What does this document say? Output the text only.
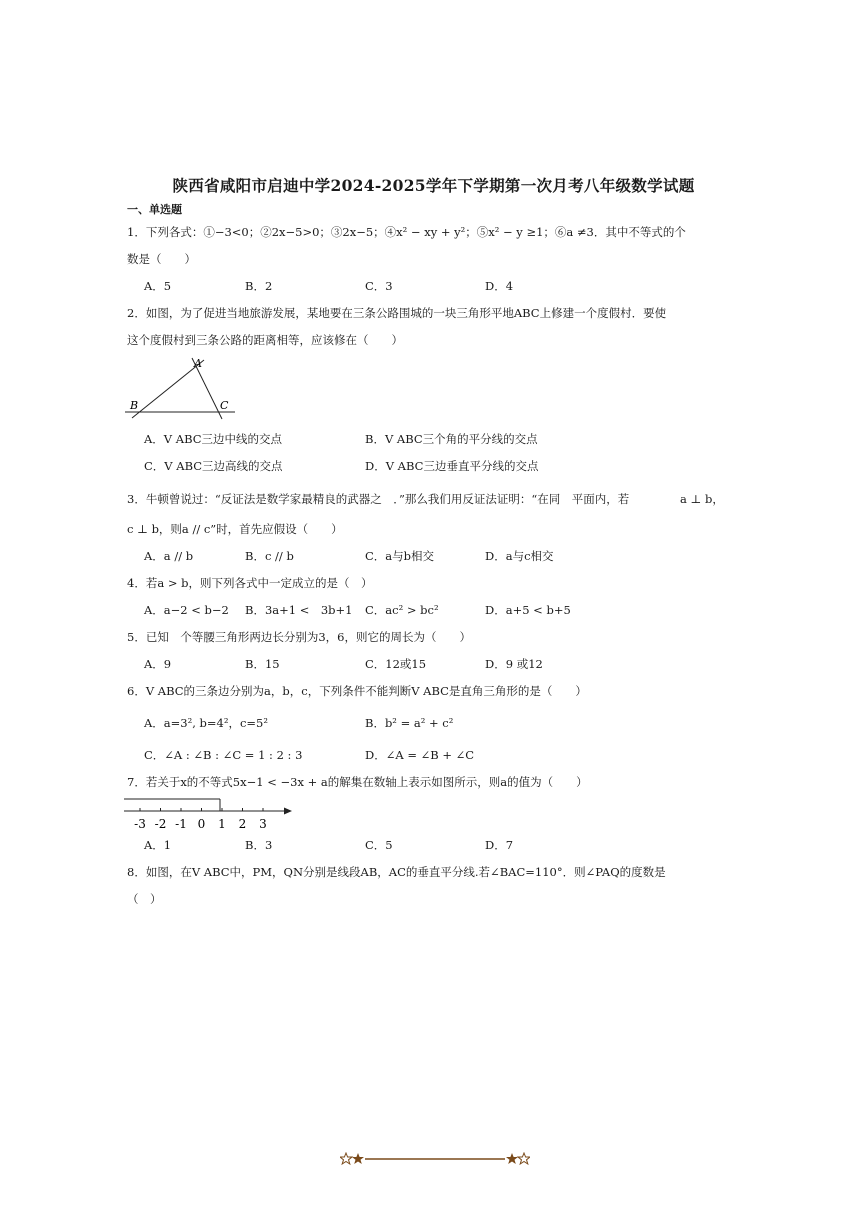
陕西省咸阳市启迪中学2024-2025学年下学期第一次月考八年级数学试题
一、单选题
1．下列各式：①−3<0；②2x−5>0；③2x−5；④x² − xy + y²；⑤x² − y ≥1；⑥a ≠3．其中不等式的个
数是（　　）
A．5	B．2	C．3	D．4
2．如图，为了促进当地旅游发展，某地要在三条公路围城的一块三角形平地ABC上修建一个度假村．要使
这个度假村到三条公路的距离相等，应该修在（　　）
A
B	C
A．V ABC三边中线的交点	B．V ABC三个角的平分线的交点
C．V ABC三边高线的交点	D．V ABC三边垂直平分线的交点
3．牛顿曾说过：“反证法是数学家最精良的武器之　．”那么我们用反证法证明：“在同　平面内，若	a ⊥ b，
c ⊥ b，则a // c”时，首先应假设（　　）
A．a // b	B．c // b	C．a与b相交	D．a与c相交
4．若a > b，则下列各式中一定成立的是（　）
A．a−2 < b−2 B．3a+1 <　3b+1 C．ac² > bc²	D．a+5 < b+5
5．已知　个等腰三角形两边长分别为3，6，则它的周长为（　　）
A．9	B．15	C．12或15	D．9 或12
6．V ABC的三条边分别为a，b，c，下列条件不能判断V ABC是直角三角形的是（　　）
A．a=3², b=4²，c=5²	B．b² = a² + c²
C．∠A : ∠B : ∠C = 1 : 2 : 3	D．∠A = ∠B + ∠C
7．若关于x的不等式5x−1 < −3x + a的解集在数轴上表示如图所示，则a的值为（　　）
-3 -2 -1 0 1 2 3
A．1	B．3	C．5	D．7
8．如图，在V ABC中，PM，QN分别是线段AB，AC的垂直平分线.若∠BAC=110°．则∠PAQ的度数是
（　）
